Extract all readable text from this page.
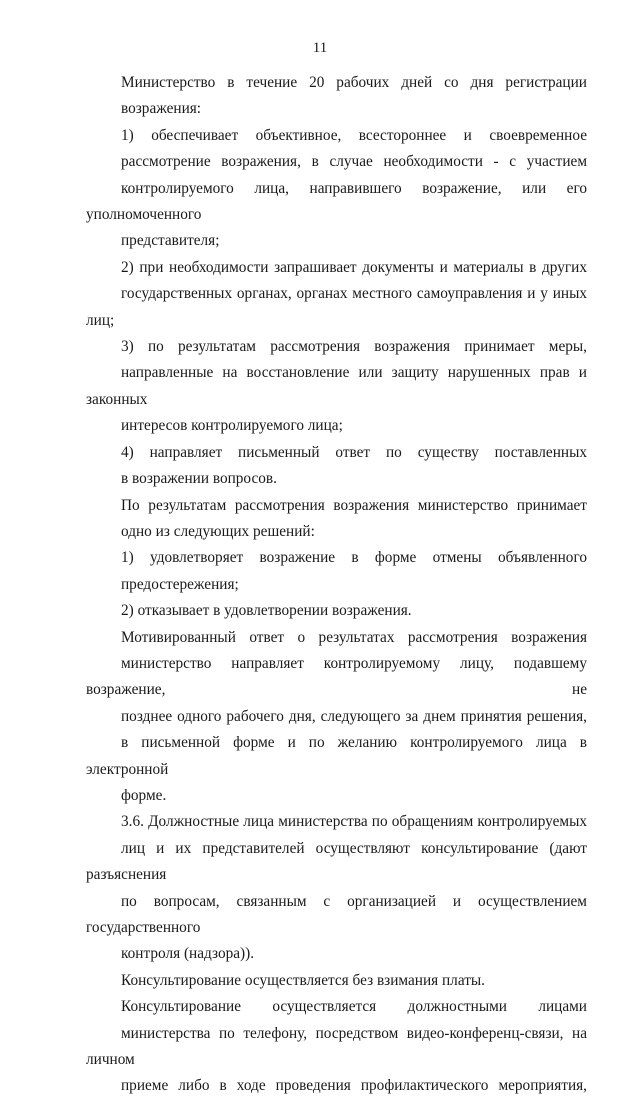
11

Министерство в течение 20 рабочих дней со дня регистрации
возражения:

1) обеспечивает объективное, всестороннее и своевременное
рассмотрение возражения, в случае необходимости - с участием
контролируемого лица, направившего возражение, или его уполномоченного
представителя;

2) при необходимости запрашивает документы и материалы в других
государственных органах, органах местного самоуправления и у иных лиц;

3) по результатам рассмотрения возражения принимает меры,
направленные на восстановление или защиту нарушенных прав и законных
интересов контролируемого лица;

4) направляет письменный ответ по существу поставленных
в возражении вопросов.

По результатам рассмотрения возражения министерство принимает
одно из следующих решений:

1) удовлетворяет возражение в форме отмены объявленного
предостережения;

2) отказывает в удовлетворении возражения.

Мотивированный ответ о результатах рассмотрения возражения
министерство направляет контролируемому лицу, подавшему возражение, не
позднее одного рабочего дня, следующего за днем принятия решения,
в письменной форме и по желанию контролируемого лица в электронной
форме.

3.6. Должностные лица министерства по обращениям контролируемых
лиц и их представителей осуществляют консультирование (дают разъяснения
по вопросам, связанным с организацией и осуществлением государственного
контроля (надзора)).

Консультирование осуществляется без взимания платы.

Консультирование осуществляется должностными лицами
министерства по телефону, посредством видео-конференц-связи, на личном
приеме либо в ходе проведения профилактического мероприятия,
